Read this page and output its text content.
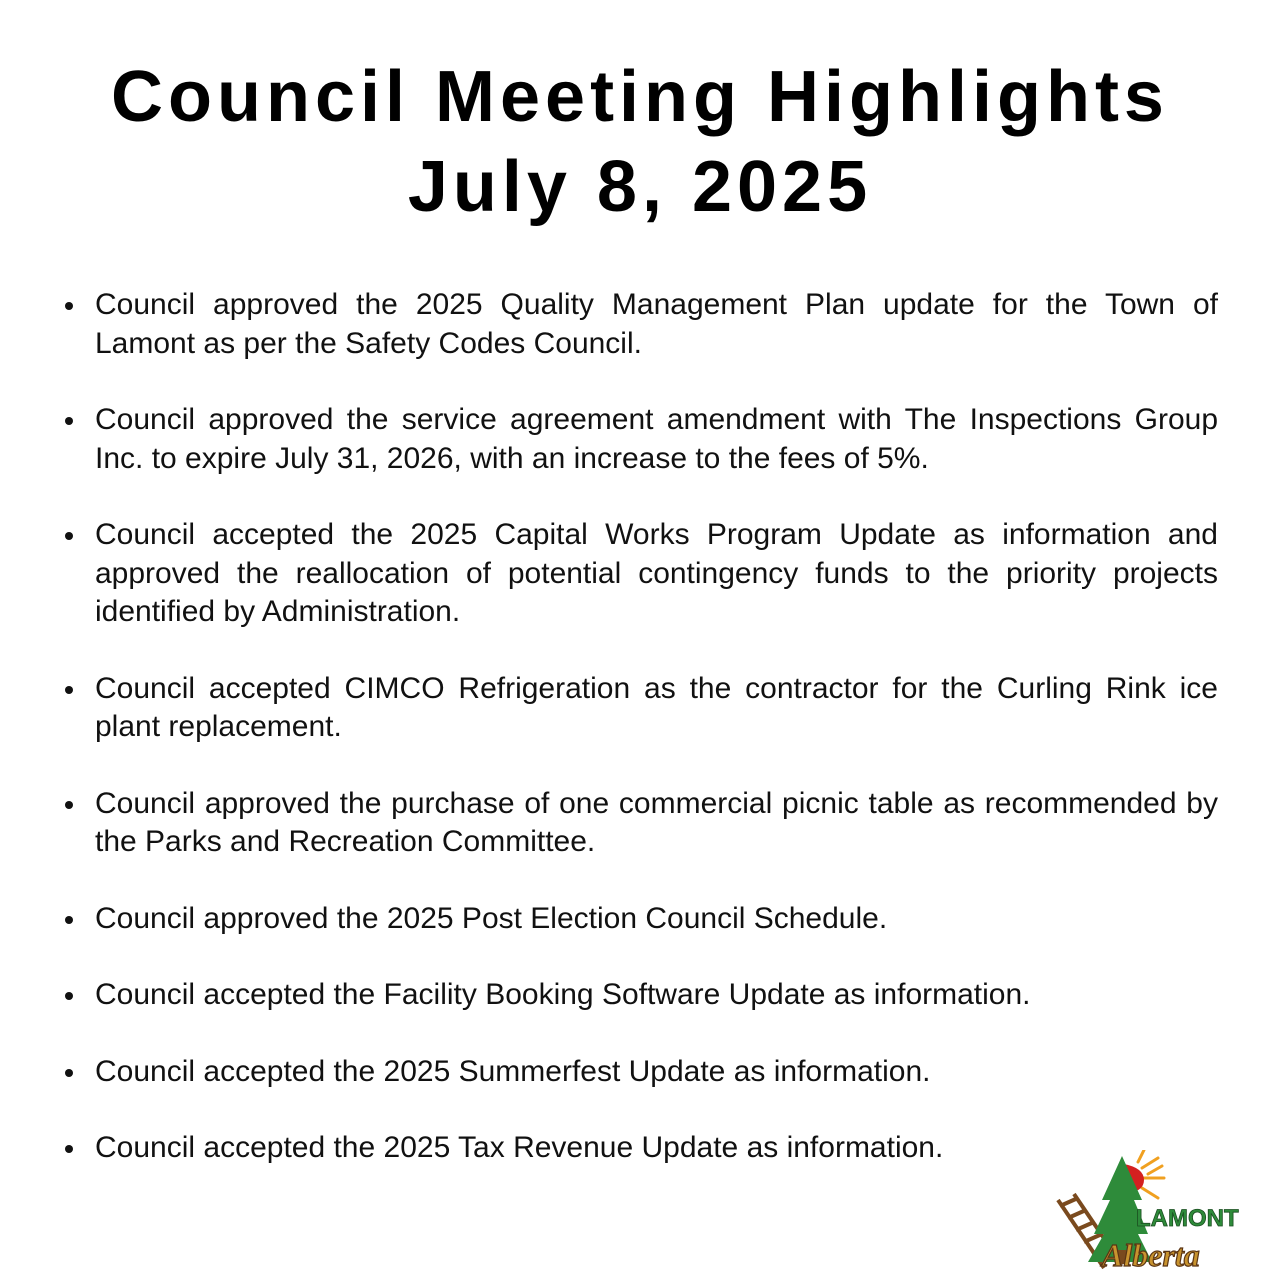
Council Meeting Highlights
July 8, 2025
Council approved the 2025 Quality Management Plan update for the Town of Lamont as per the Safety Codes Council.
Council approved the service agreement amendment with The Inspections Group Inc. to expire July 31, 2026, with an increase to the fees of 5%.
Council accepted the 2025 Capital Works Program Update as information and approved the reallocation of potential contingency funds to the priority projects identified by Administration.
Council accepted CIMCO Refrigeration as the contractor for the Curling Rink ice plant replacement.
Council approved the purchase of one commercial picnic table as recommended by the Parks and Recreation Committee.
Council approved the 2025 Post Election Council Schedule.
Council accepted the Facility Booking Software Update as information.
Council accepted the 2025 Summerfest Update as information.
Council accepted the 2025 Tax Revenue Update as information.
LAMONT
Alberta
